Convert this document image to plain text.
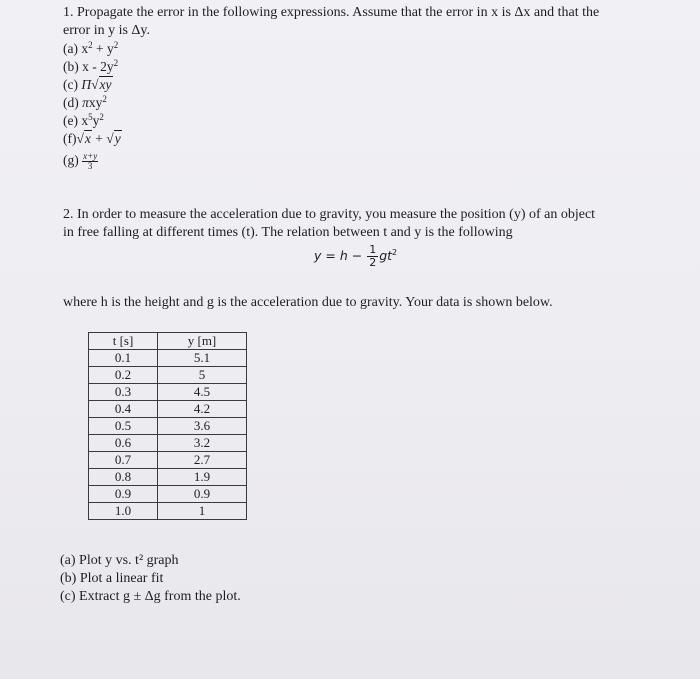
1. Propagate the error in the following expressions. Assume that the error in x is Δx and that the
error in y is Δy.
(a) $x^2 + y^2$
(b) x - $2y^2$
(c) Π√xy
(d) πxy$^2$
(e) $x^5y^2$
(f)√x + √y
$(g) \frac{x+y}{3}$
2. In order to measure the acceleration due to gravity, you measure the position (y) of an object
in free falling at different times (t). The relation between t and y is the following
$y = h - \frac{1}{2} gt^2$
where h is the height and g is the acceleration due to gravity. Your data is shown below.
t [s]	y [m]
0.1	5.1
0.2	5
0.3	4.5
0.4	4.2
0.5	3.6
0.6	3.2
0.7	2.7
0.8	1.9
0.9	0.9
1.0	1
(a) Plot y vs. t² graph
(b) Plot a linear fit
(c) Extract g ± Δg from the plot.
